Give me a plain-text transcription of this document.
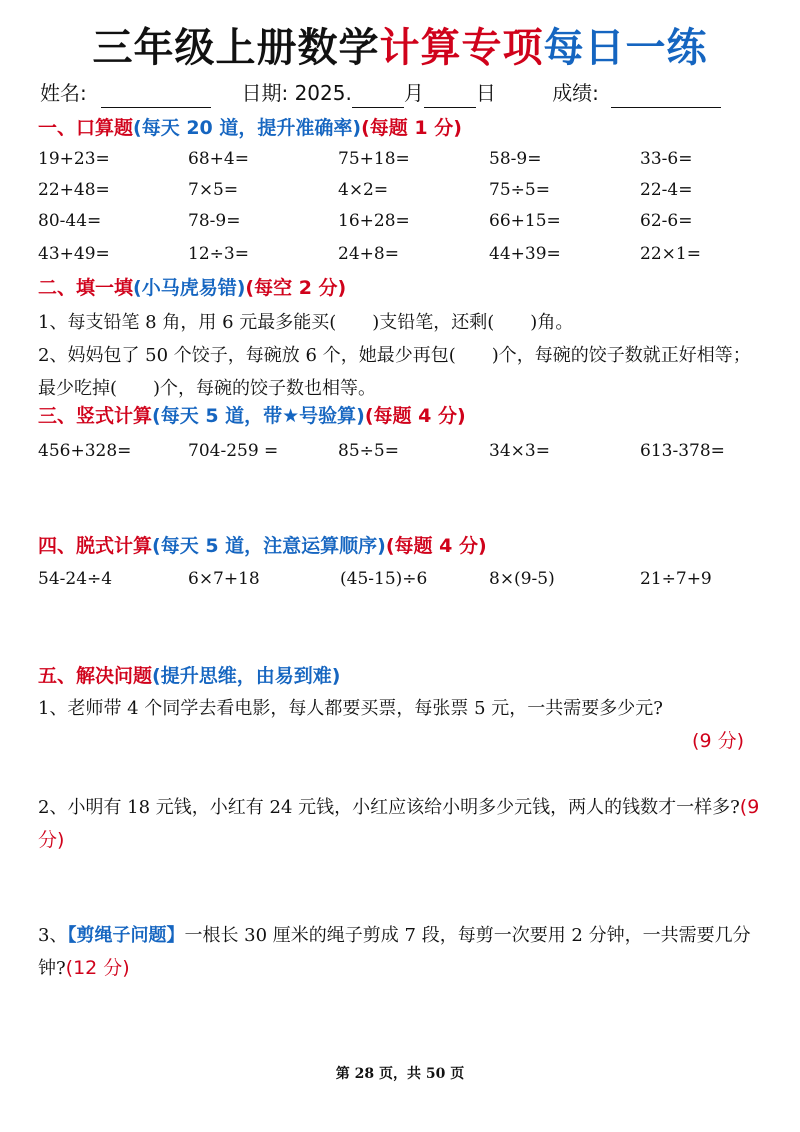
三年级上册数学计算专项每日一练
姓名:	日期: 2025.	月	日	成绩:
一、口算题(每天 20 道，提升准确率)(每题 1 分)
19+23=	68+4=	75+18=	58-9=	33-6=
22+48=	7×5=	4×2=	75÷5=	22-4=
80-44=	78-9=	16+28=	66+15=	62-6=
43+49=	12÷3=	24+8=	44+39=	22×1=
二、填一填(小马虎易错)(每空 2 分)
1、每支铅笔 8 角，用 6 元最多能买(　　)支铅笔，还剩(　　)角。
2、妈妈包了 50 个饺子，每碗放 6 个，她最少再包(　　)个，每碗的饺子数就正好相等；最少吃掉(　　)个，每碗的饺子数也相等。
三、竖式计算(每天 5 道，带★号验算)(每题 4 分)
456+328=	704-259 =	85÷5=	34×3=	613-378=
四、脱式计算(每天 5 道，注意运算顺序)(每题 4 分)
54-24÷4	6×7+18	(45-15)÷6	8×(9-5)	21÷7+9
五、解决问题(提升思维，由易到难)
1、老师带 4 个同学去看电影，每人都要买票，每张票 5 元，一共需要多少元?
(9 分)
2、小明有 18 元钱，小红有 24 元钱，小红应该给小明多少元钱，两人的钱数才一样多?(9 分)
3、【剪绳子问题】一根长 30 厘米的绳子剪成 7 段，每剪一次要用 2 分钟，一共需要几分钟?(12 分)
第 28 页，共 50 页
